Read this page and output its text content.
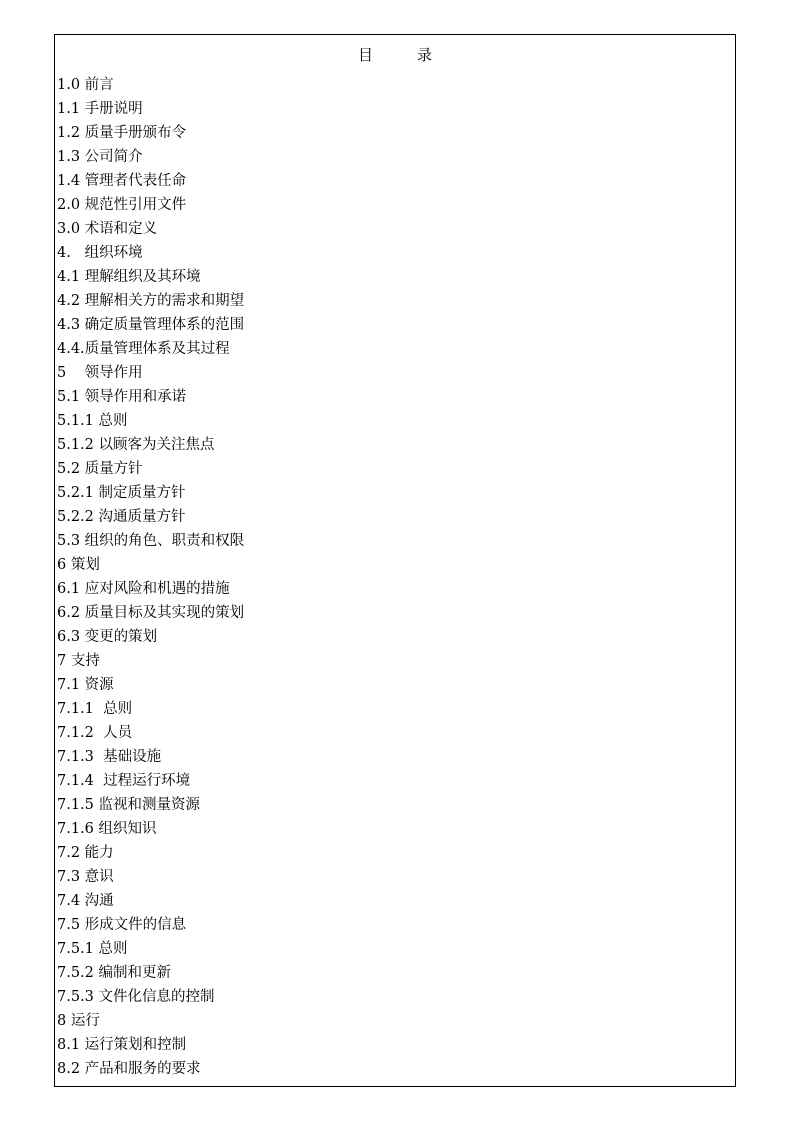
目	录
1.0 前言
1.1 手册说明
1.2 质量手册颁布令
1.3 公司简介
1.4 管理者代表任命
2.0 规范性引用文件
3.0 术语和定义
4.   组织环境
4.1 理解组织及其环境
4.2 理解相关方的需求和期望
4.3 确定质量管理体系的范围
4.4.质量管理体系及其过程
5    领导作用
5.1 领导作用和承诺
5.1.1 总则
5.1.2 以顾客为关注焦点
5.2 质量方针
5.2.1 制定质量方针
5.2.2 沟通质量方针
5.3 组织的角色、职责和权限
6 策划
6.1 应对风险和机遇的措施
6.2 质量目标及其实现的策划
6.3 变更的策划
7 支持
7.1 资源
7.1.1  总则
7.1.2  人员
7.1.3  基础设施
7.1.4  过程运行环境
7.1.5 监视和测量资源
7.1.6 组织知识
7.2 能力
7.3 意识
7.4 沟通
7.5 形成文件的信息
7.5.1 总则
7.5.2 编制和更新
7.5.3 文件化信息的控制
8 运行
8.1 运行策划和控制
8.2 产品和服务的要求
